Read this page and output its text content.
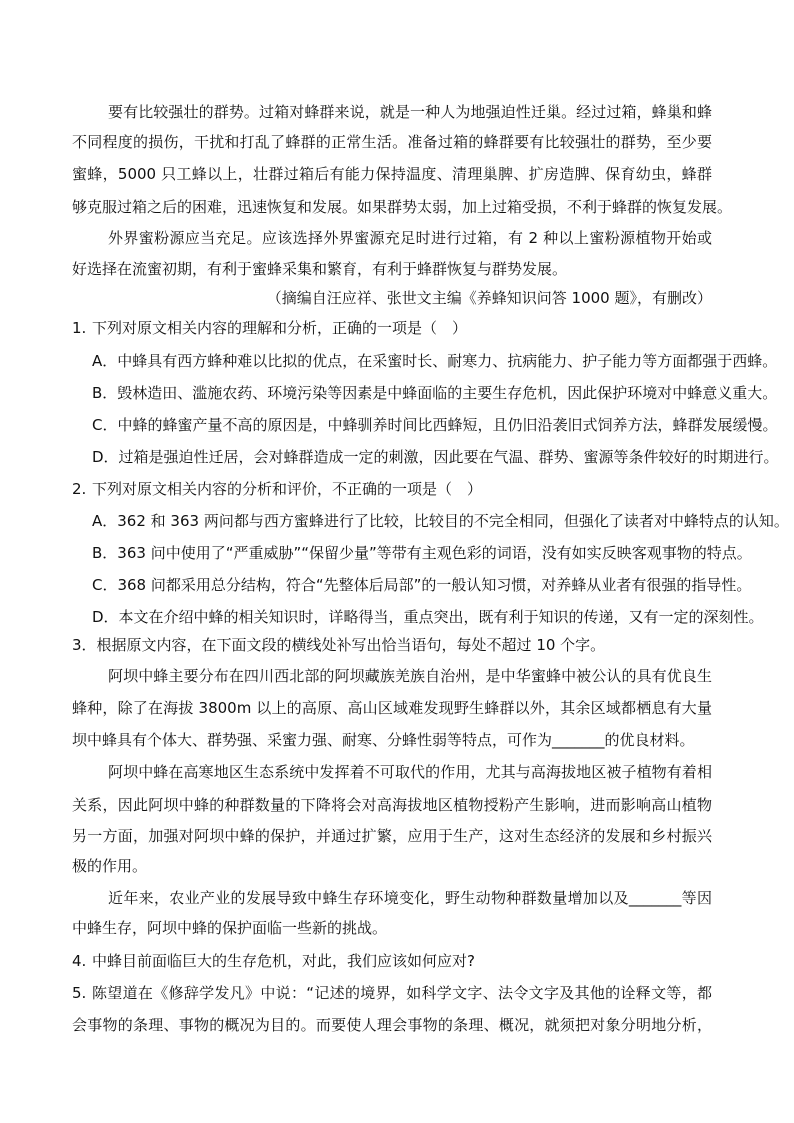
要有比较强壮的群势。过箱对蜂群来说，就是一种人为地强迫性迁巢。经过过箱，蜂巢和蜂
不同程度的损伤，干扰和打乱了蜂群的正常生活。准备过箱的蜂群要有比较强壮的群势，至少要
蜜蜂，5000 只工蜂以上，壮群过箱后有能力保持温度、清理巢脾、扩房造脾、保育幼虫，蜂群
够克服过箱之后的困难，迅速恢复和发展。如果群势太弱，加上过箱受损，不利于蜂群的恢复发展。
外界蜜粉源应当充足。应该选择外界蜜源充足时进行过箱，有 2 种以上蜜粉源植物开始或
好选择在流蜜初期，有利于蜜蜂采集和繁育，有利于蜂群恢复与群势发展。
（摘编自汪应祥、张世文主编《养蜂知识问答 1000 题》，有删改）
1. 下列对原文相关内容的理解和分析，正确的一项是（　）
A．中蜂具有西方蜂种难以比拟的优点，在采蜜时长、耐寒力、抗病能力、护子能力等方面都强于西蜂。
B．毁林造田、滥施农药、环境污染等因素是中蜂面临的主要生存危机，因此保护环境对中蜂意义重大。
C．中蜂的蜂蜜产量不高的原因是，中蜂驯养时间比西蜂短，且仍旧沿袭旧式饲养方法，蜂群发展缓慢。
D．过箱是强迫性迁居，会对蜂群造成一定的刺激，因此要在气温、群势、蜜源等条件较好的时期进行。
2. 下列对原文相关内容的分析和评价，不正确的一项是（　）
A．362 和 363 两问都与西方蜜蜂进行了比较，比较目的不完全相同，但强化了读者对中蜂特点的认知。
B．363 问中使用了“严重威胁”“保留少量”等带有主观色彩的词语，没有如实反映客观事物的特点。
C．368 问都采用总分结构，符合“先整体后局部”的一般认知习惯，对养蜂从业者有很强的指导性。
D．本文在介绍中蜂的相关知识时，详略得当，重点突出，既有利于知识的传递，又有一定的深刻性。
3．根据原文内容，在下面文段的横线处补写出恰当语句，每处不超过 10 个字。
阿坝中蜂主要分布在四川西北部的阿坝藏族羌族自治州，是中华蜜蜂中被公认的具有优良生
蜂种，除了在海拔 3800m 以上的高原、高山区域难发现野生蜂群以外，其余区域都栖息有大量
坝中蜂具有个体大、群势强、采蜜力强、耐寒、分蜂性弱等特点，可作为_______的优良材料。
阿坝中蜂在高寒地区生态系统中发挥着不可取代的作用，尤其与高海拔地区被子植物有着相
关系，因此阿坝中蜂的种群数量的下降将会对高海拔地区植物授粉产生影响，进而影响高山植物
另一方面，加强对阿坝中蜂的保护，并通过扩繁，应用于生产，这对生态经济的发展和乡村振兴
极的作用。
近年来，农业产业的发展导致中蜂生存环境变化，野生动物种群数量增加以及_______等因
中蜂生存，阿坝中蜂的保护面临一些新的挑战。
4. 中蜂目前面临巨大的生存危机，对此，我们应该如何应对?
5. 陈望道在《修辞学发凡》中说：“记述的境界，如科学文字、法令文字及其他的诠释文等，都
会事物的条理、事物的概况为目的。而要使人理会事物的条理、概况，就须把对象分明地分析，
